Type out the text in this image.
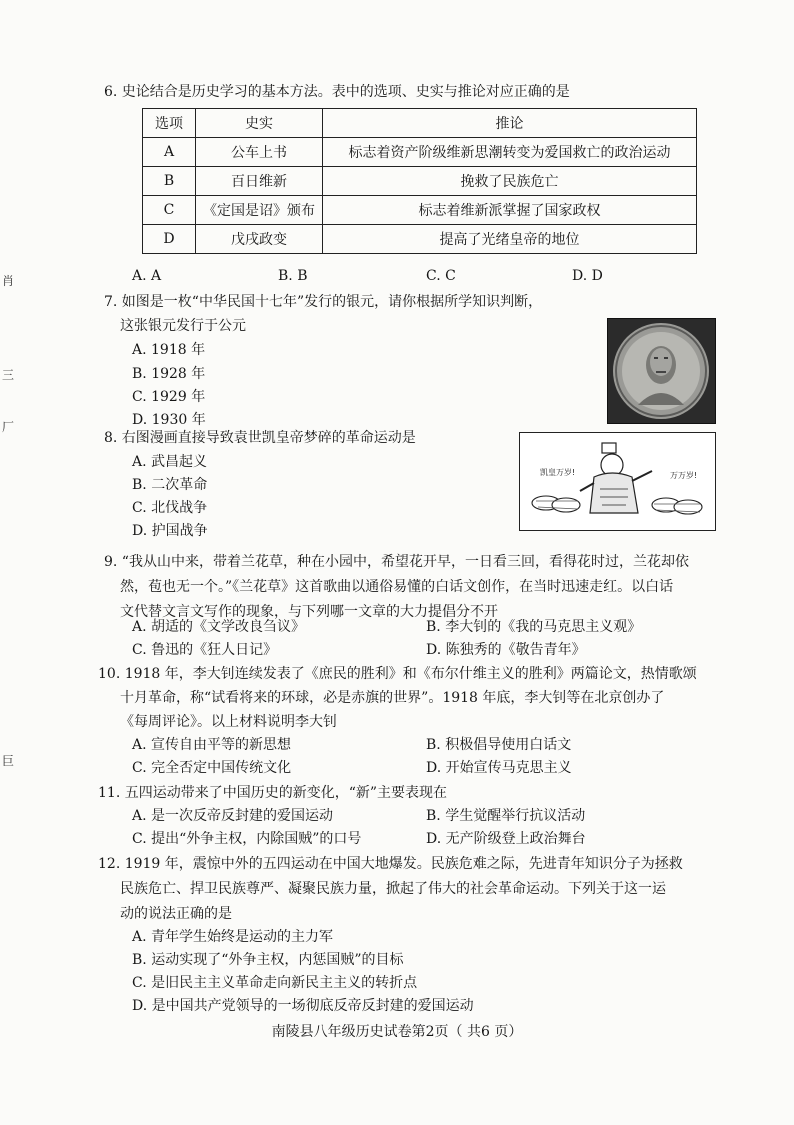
6. 史论结合是历史学习的基本方法。表中的选项、史实与推论对应正确的是
选项	史实	推论
A	公车上书	标志着资产阶级维新思潮转变为爱国救亡的政治运动
B	百日维新	挽救了民族危亡
C	《定国是诏》颁布	标志着维新派掌握了国家政权
D	戊戌政变	提高了光绪皇帝的地位
A. A	B. B	C. C	D. D
7. 如图是一枚“中华民国十七年”发行的银元，请你根据所学知识判断，
这张银元发行于公元
A. 1918 年
B. 1928 年
C. 1929 年
D. 1930 年
8. 右图漫画直接导致袁世凯皇帝梦碎的革命运动是
A. 武昌起义
B. 二次革命
C. 北伐战争
D. 护国战争
凯皇万岁!	万万岁!
9. “我从山中来，带着兰花草，种在小园中，希望花开早，一日看三回，看得花时过，兰花却依
然，苞也无一个。”《兰花草》这首歌曲以通俗易懂的白话文创作，在当时迅速走红。以白话
文代替文言文写作的现象，与下列哪一文章的大力提倡分不开
A. 胡适的《文学改良刍议》	B. 李大钊的《我的马克思主义观》
C. 鲁迅的《狂人日记》	D. 陈独秀的《敬告青年》
10. 1918 年，李大钊连续发表了《庶民的胜利》和《布尔什维主义的胜利》两篇论文，热情歌颂
十月革命，称“试看将来的环球，必是赤旗的世界”。1918 年底，李大钊等在北京创办了
《每周评论》。以上材料说明李大钊
A. 宣传自由平等的新思想	B. 积极倡导使用白话文
C. 完全否定中国传统文化	D. 开始宣传马克思主义
11. 五四运动带来了中国历史的新变化，“新”主要表现在
A. 是一次反帝反封建的爱国运动	B. 学生觉醒举行抗议活动
C. 提出“外争主权，内除国贼”的口号	D. 无产阶级登上政治舞台
12. 1919 年，震惊中外的五四运动在中国大地爆发。民族危难之际，先进青年知识分子为拯救
民族危亡、捍卫民族尊严、凝聚民族力量，掀起了伟大的社会革命运动。下列关于这一运
动的说法正确的是
A. 青年学生始终是运动的主力军
B. 运动实现了“外争主权，内惩国贼”的目标
C. 是旧民主主义革命走向新民主主义的转折点
D. 是中国共产党领导的一场彻底反帝反封建的爱国运动
南陵县八年级历史试卷第2页（ 共6 页）
肖
三
厂
巨
